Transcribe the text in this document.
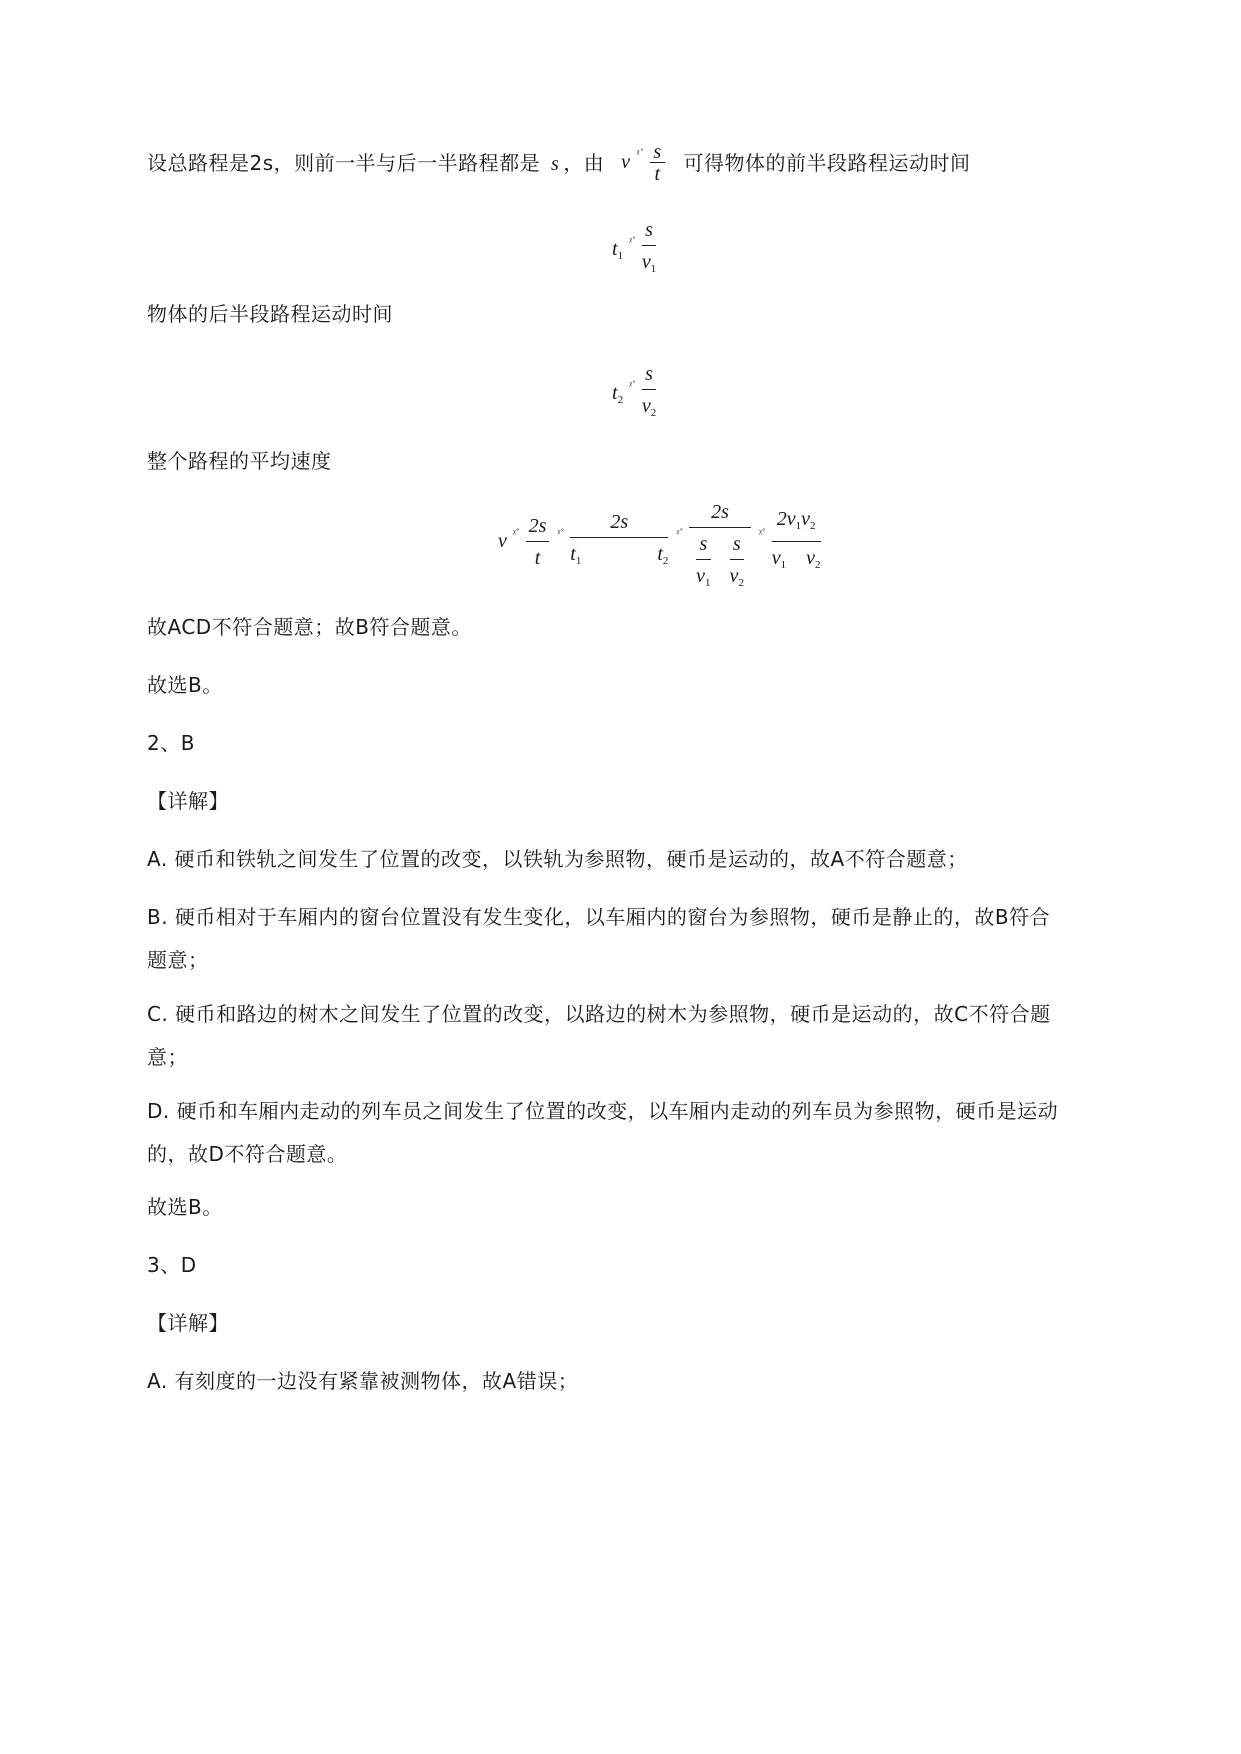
设总路程是2s，则前一半与后一半路程都是 s ，由 v ᵡ˚ $\frac{s}{t}$ 可得物体的前半段路程运动时间
$t_1ᵡ˚ \frac{s}{v_1}$
物体的后半段路程运动时间
$t_2ᵡ˚ \frac{s}{v_2}$
整个路程的平均速度
v ᵡ˚ $\frac{2s}{t}$ ᵡ˚ 2s
$t_1$	$t_2$ ᵡ˚ 2s
$\frac{s}{v_1}$
$\frac{s}{v_2}$ ᵡ˚ $\frac{2v_1v_2}{v_1 v_2}$
故ACD不符合题意；故B符合题意。
故选B。
2、B
【详解】
A. 硬币和铁轨之间发生了位置的改变，以铁轨为参照物，硬币是运动的，故A不符合题意；
B. 硬币相对于车厢内的窗台位置没有发生变化，以车厢内的窗台为参照物，硬币是静止的，故B符合
题意；
C. 硬币和路边的树木之间发生了位置的改变，以路边的树木为参照物，硬币是运动的，故C不符合题
意；
D. 硬币和车厢内走动的列车员之间发生了位置的改变，以车厢内走动的列车员为参照物，硬币是运动
的，故D不符合题意。
故选B。
3、D
【详解】
A. 有刻度的一边没有紧靠被测物体，故A错误；
